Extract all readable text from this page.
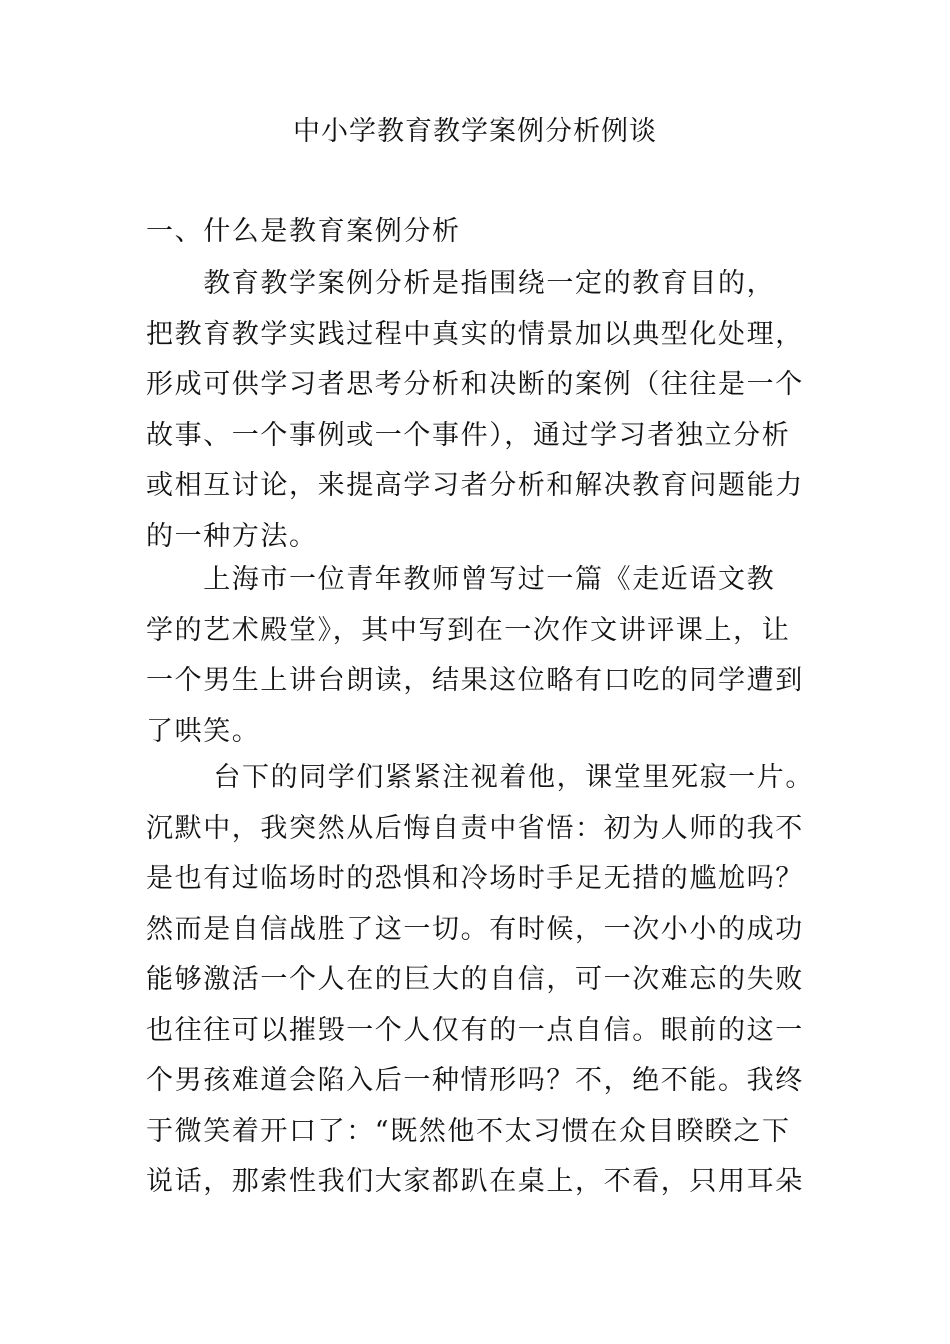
中小学教育教学案例分析例谈
一、什么是教育案例分析
　　教育教学案例分析是指围绕一定的教育目的，
把教育教学实践过程中真实的情景加以典型化处理，
形成可供学习者思考分析和决断的案例（往往是一个
故事、一个事例或一个事件），通过学习者独立分析
或相互讨论，来提高学习者分析和解决教育问题能力
的一种方法。
　　上海市一位青年教师曾写过一篇《走近语文教
学的艺术殿堂》，其中写到在一次作文讲评课上，让
一个男生上讲台朗读，结果这位略有口吃的同学遭到
了哄笑。
　　 台下的同学们紧紧注视着他，课堂里死寂一片。
沉默中，我突然从后悔自责中省悟：初为人师的我不
是也有过临场时的恐惧和冷场时手足无措的尴尬吗？
然而是自信战胜了这一切。有时候，一次小小的成功
能够激活一个人在的巨大的自信，可一次难忘的失败
也往往可以摧毁一个人仅有的一点自信。眼前的这一
个男孩难道会陷入后一种情形吗？不，绝不能。我终
于微笑着开口了：“既然他不太习惯在众目睽睽之下
说话，那索性我们大家都趴在桌上，不看，只用耳朵
